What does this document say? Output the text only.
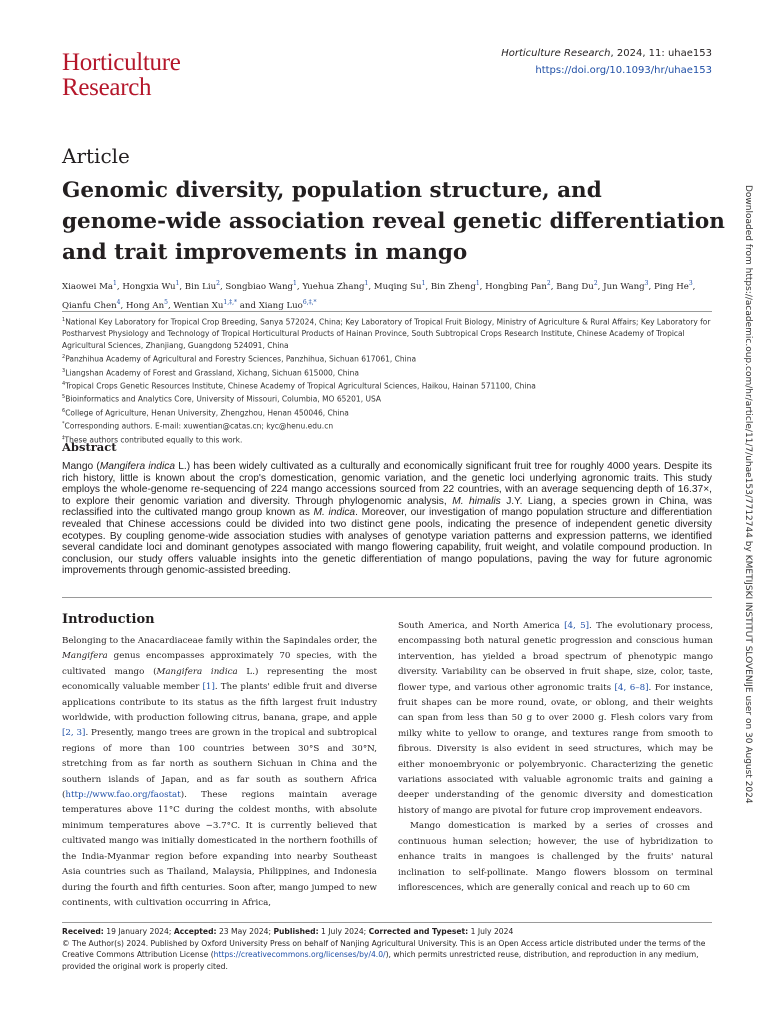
Horticulture
Research
Horticulture Research, 2024, 11: uhae153
https://doi.org/10.1093/hr/uhae153
Article
Genomic diversity, population structure, and
genome-wide association reveal genetic differentiation
and trait improvements in mango
Xiaowei Ma$^1$, Hongxia Wu$^1$, Bin Liu$^2$, Songbiao Wang$^1$, Yuehua Zhang$^1$, Muqing Su$^1$, Bin Zheng$^1$, Hongbing Pan$^2$, Bang Du$^2$, Jun Wang$^3$, Ping He$^3$, Qianfu Chen$^4$, Hong An$^5$, Wentian $Xu^{1,\ddagger,*}$ and Xiang Luo$^{6,\ddagger,*}$
$^1$National Key Laboratory for Tropical Crop Breeding, Sanya 572024, China; Key Laboratory of Tropical Fruit Biology, Ministry of Agriculture & Rural Affairs; Key Laboratory for Postharvest Physiology and Technology of Tropical Horticultural Products of Hainan Province, South Subtropical Crops Research Institute, Chinese Academy of Tropical Agricultural Sciences, Zhanjiang, Guangdong 524091, China
$^2$Panzhihua Academy of Agricultural and Forestry Sciences, Panzhihua, Sichuan 617061, China
$^3$Liangshan Academy of Forest and Grassland, Xichang, Sichuan 615000, China
$^4$Tropical Crops Genetic Resources Institute, Chinese Academy of Tropical Agricultural Sciences, Haikou, Hainan 571100, China
$^5$Bioinformatics and Analytics Core, University of Missouri, Columbia, MO 65201, USA
$^6$College of Agriculture, Henan University, Zhengzhou, Henan 450046, China
*Corresponding authors. E-mail: xuwentian@catas.cn; kyc@henu.edu.cn
‡These authors contributed equally to this work.
Abstract
Mango (Mangifera indica L.) has been widely cultivated as a culturally and economically significant fruit tree for roughly 4000 years. Despite its rich history, little is known about the crop's domestication, genomic variation, and the genetic loci underlying agronomic traits. This study employs the whole-genome re-sequencing of 224 mango accessions sourced from 22 countries, with an average sequencing depth of 16.37×, to explore their genomic variation and diversity. Through phylogenomic analysis, M. himalis J.Y. Liang, a species grown in China, was reclassified into the cultivated mango group known as M. indica. Moreover, our investigation of mango population structure and differentiation revealed that Chinese accessions could be divided into two distinct gene pools, indicating the presence of independent genetic diversity ecotypes. By coupling genome-wide association studies with analyses of genotype variation patterns and expression patterns, we identified several candidate loci and dominant genotypes associated with mango flowering capability, fruit weight, and volatile compound production. In conclusion, our study offers valuable insights into the genetic differentiation of mango populations, paving the way for future agronomic improvements through genomic-assisted breeding.
Introduction

Belonging to the Anacardiaceae family within the Sapindales order, the Mangifera genus encompasses approximately 70 species, with the cultivated mango (Mangifera indica L.) representing the most economically valuable member [1]. The plants' edible fruit and diverse applications contribute to its status as the fifth largest fruit industry worldwide, with production following citrus, banana, grape, and apple [2, 3]. Presently, mango trees are grown in the tropical and subtropical regions of more than 100 countries between 30°S and 30°N, stretching from as far north as southern Sichuan in China and the southern islands of Japan, and as far south as southern Africa (http://www.fao.org/faostat). These regions maintain average temperatures above 11°C during the coldest months, with absolute minimum temperatures above −3.7°C. It is currently believed that cultivated mango was initially domesticated in the northern foothills of the India-Myanmar region before expanding into nearby Southeast Asia countries such as Thailand, Malaysia, Philippines, and Indonesia during the fourth and fifth centuries. Soon after, mango jumped to new continents, with cultivation occurring in Africa,

South America, and North America [4, 5]. The evolutionary process, encompassing both natural genetic progression and conscious human intervention, has yielded a broad spectrum of phenotypic mango diversity. Variability can be observed in fruit shape, size, color, taste, flower type, and various other agronomic traits [4, 6–8]. For instance, fruit shapes can be more round, ovate, or oblong, and their weights can span from less than 50 g to over 2000 g. Flesh colors vary from milky white to yellow to orange, and textures range from smooth to fibrous. Diversity is also evident in seed structures, which may be either monoembryonic or polyembryonic. Characterizing the genetic variations associated with valuable agronomic traits and gaining a deeper understanding of the genomic diversity and domestication history of mango are pivotal for future crop improvement endeavors.

Mango domestication is marked by a series of crosses and continuous human selection; however, the use of hybridization to enhance traits in mangoes is challenged by the fruits' natural inclination to self-pollinate. Mango flowers blossom on terminal inflorescences, which are generally conical and reach up to 60 cm

Received: 19 January 2024; Accepted: 23 May 2024; Published: 1 July 2024; Corrected and Typeset: 1 July 2024
© The Author(s) 2024. Published by Oxford University Press on behalf of Nanjing Agricultural University. This is an Open Access article distributed under the terms of the Creative Commons Attribution License (https://creativecommons.org/licenses/by/4.0/), which permits unrestricted reuse, distribution, and reproduction in any medium, provided the original work is properly cited.
Downloaded from https://academic.oup.com/hr/article/11/7/uhae153/7712744 by KMETIJSKI INSTITUT SLOVENIJE user on 30 August 2024
